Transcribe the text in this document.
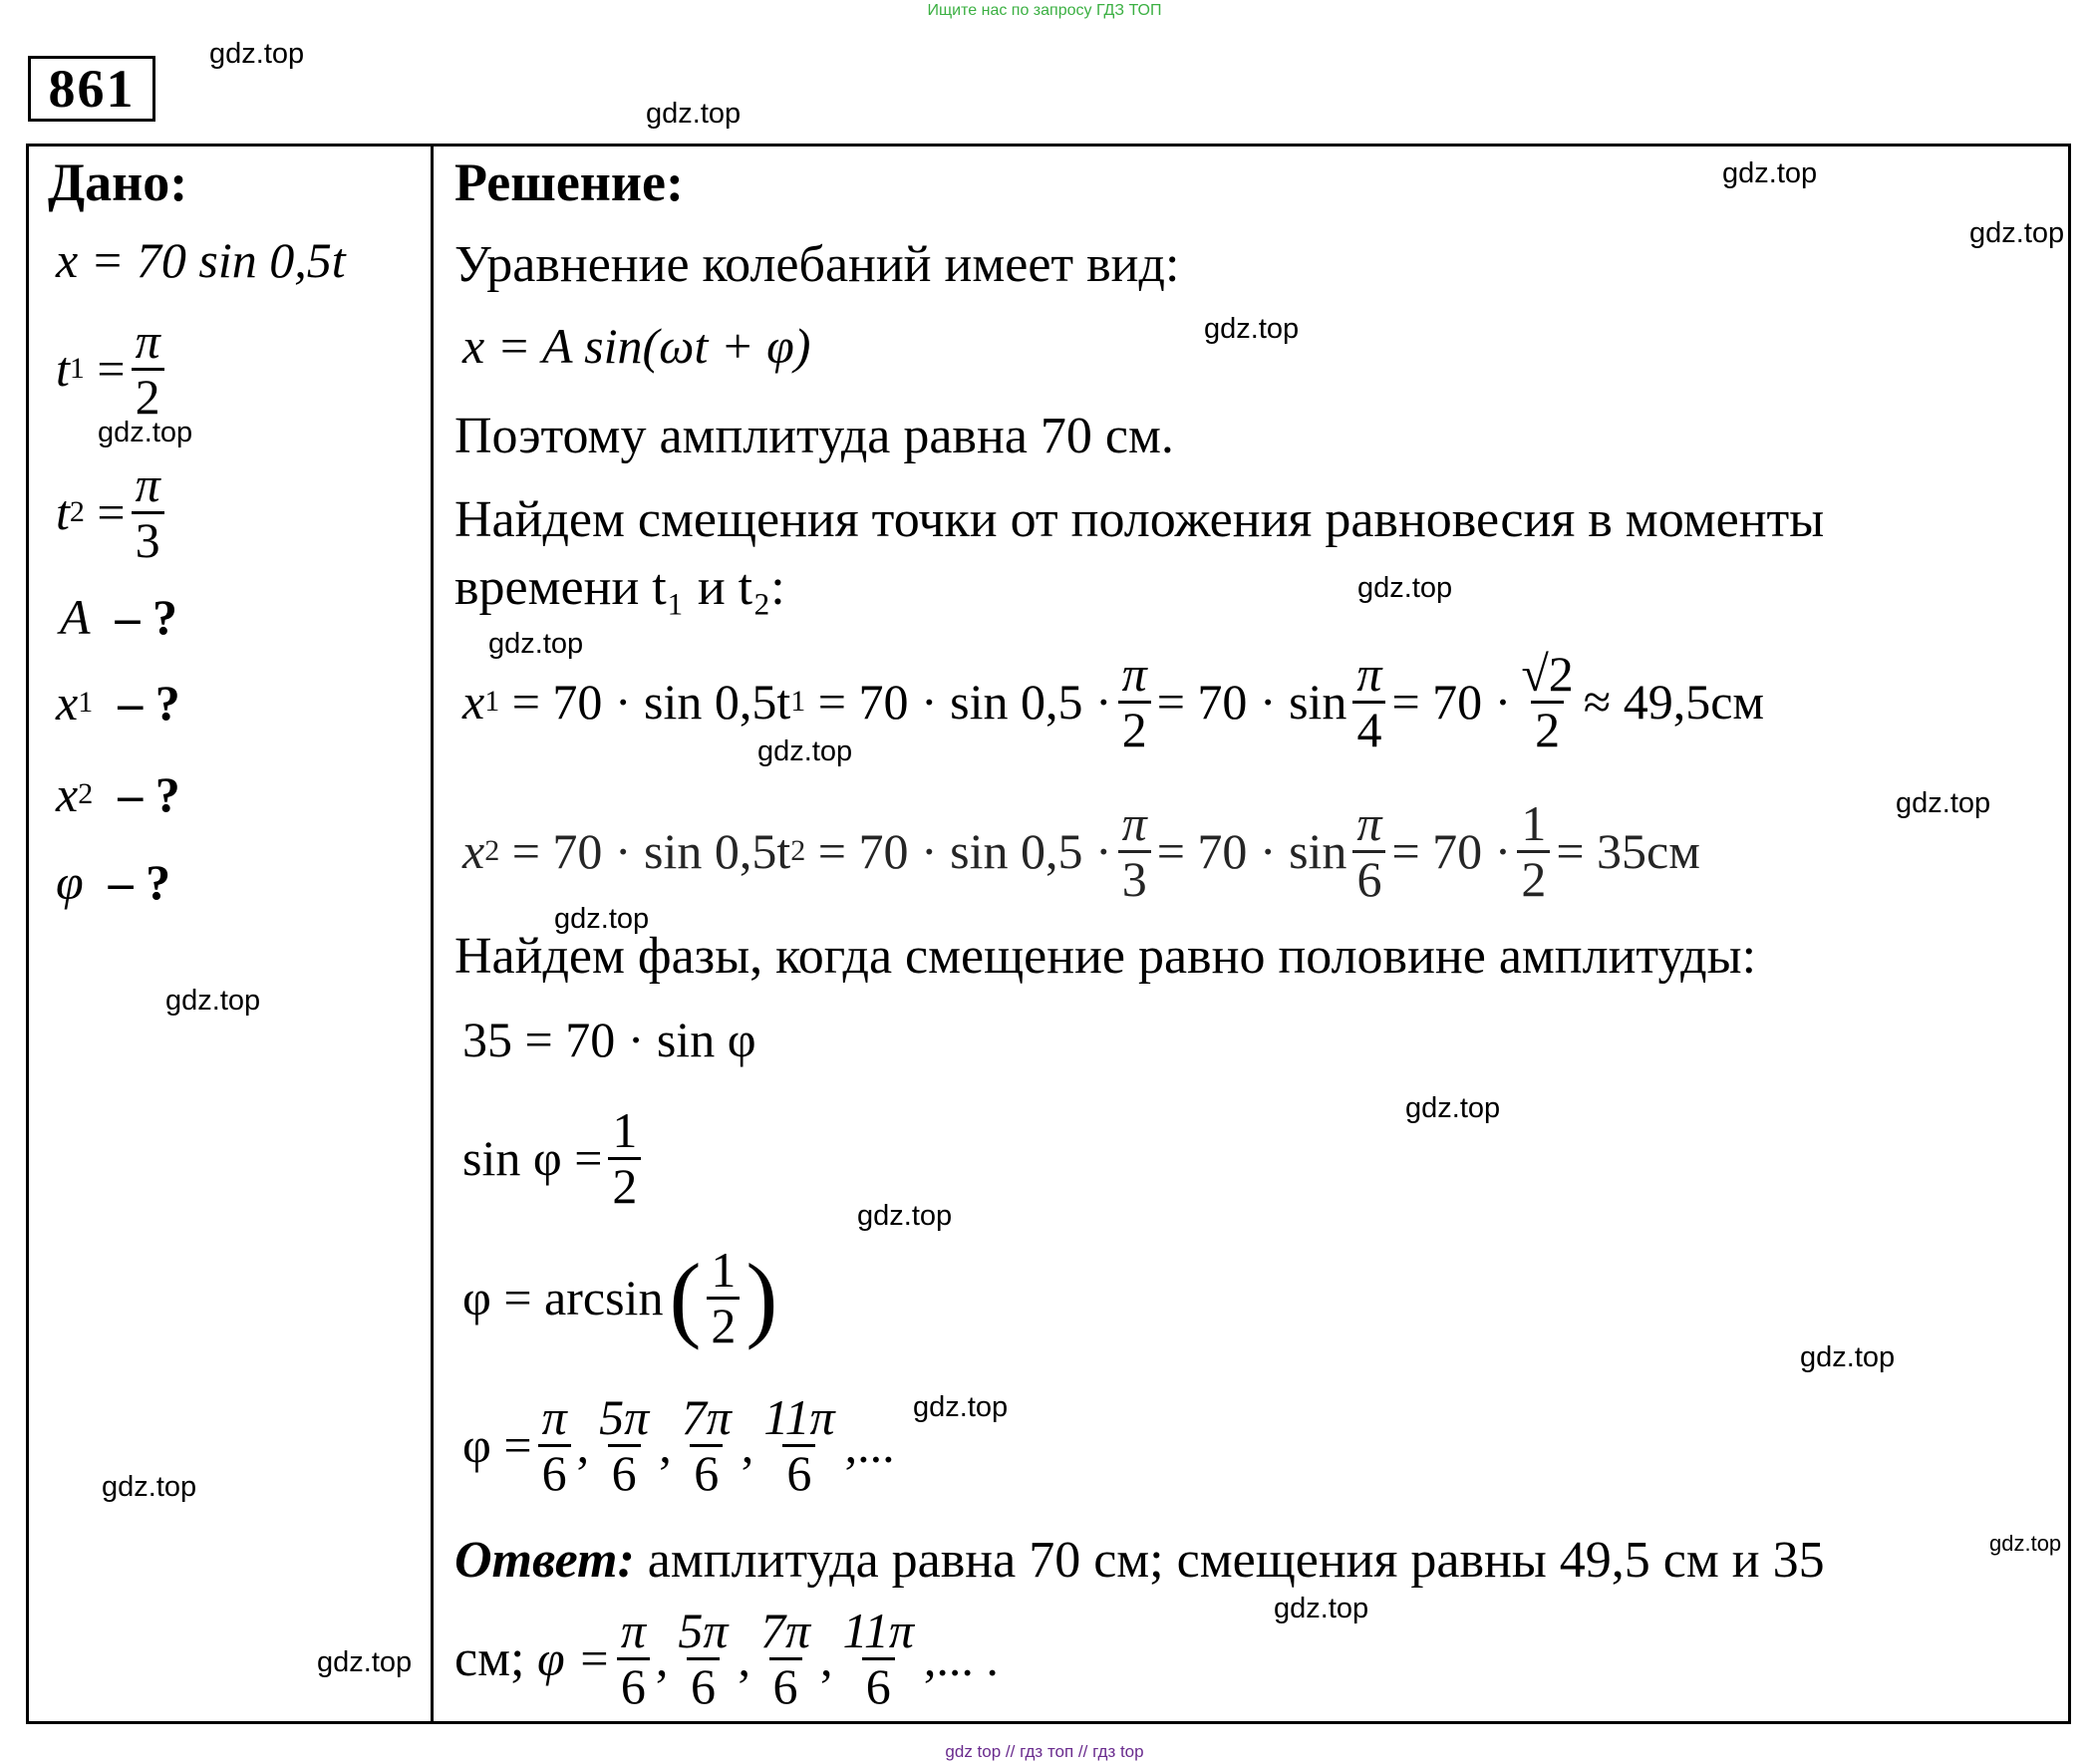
Ищите нас по запросу ГДЗ ТОП
861
Дано:
x = 70 sin 0,5t
t $1 = \frac{\pi}{2}$
t $2 = \frac{\pi}{3}$
A
– ?
x 1
– ?
x 2
– ?
φ
– ?
Решение:
Уравнение колебаний имеет вид:
x = A sin(ωt + φ)
Поэтому амплитуда равна 70 см.
Найдем смещения точки от положения равновесия в моменты
времени t₁ и t₂:
x 1
= 70 · sin 0,5t 1
= $70 \cdot \sin 0,5 \cdot \frac{\pi}{2} = 70 \cdot \sin \frac{\pi}{4} = 70 \cdot \frac{√2}{2} \approx 49,5см$
x 2
= 70 · sin 0,5t 2
= $70 \cdot \sin 0,5 \cdot \frac{\pi}{3} = 70 \cdot \sin \frac{\pi}{6} = 70 \cdot \frac{1}{2} = 35см$
Найдем фазы, когда смещение равно половине амплитуды:
35 = 70 · sin φ
$\sin \varphi = \frac{1}{2}$
φ = arcsin ( $\frac{1}{2}$ )
$\varphi = \frac{\pi}{6}$ , $\frac{5\pi}{6}$ , $\frac{7\pi}{6}$ , $\frac{11\pi}{6}$ ,...
Ответ: амплитуда равна 70 см; смещения равны 49,5 см и 35
см;
$\varphi = \frac{\pi}{6}$ , $\frac{5\pi}{6}$ , $\frac{7\pi}{6}$ , $\frac{11\pi}{6}$ ,... .
gdz.top
gdz.top
gdz.top
gdz.top
gdz.top
gdz.top
gdz.top
gdz.top
gdz.top
gdz.top
gdz.top
gdz.top
gdz.top
gdz.top
gdz.top
gdz.top
gdz.top
gdz.top
gdz.top
gdz.top
gdz top // гдз топ // гдз top
